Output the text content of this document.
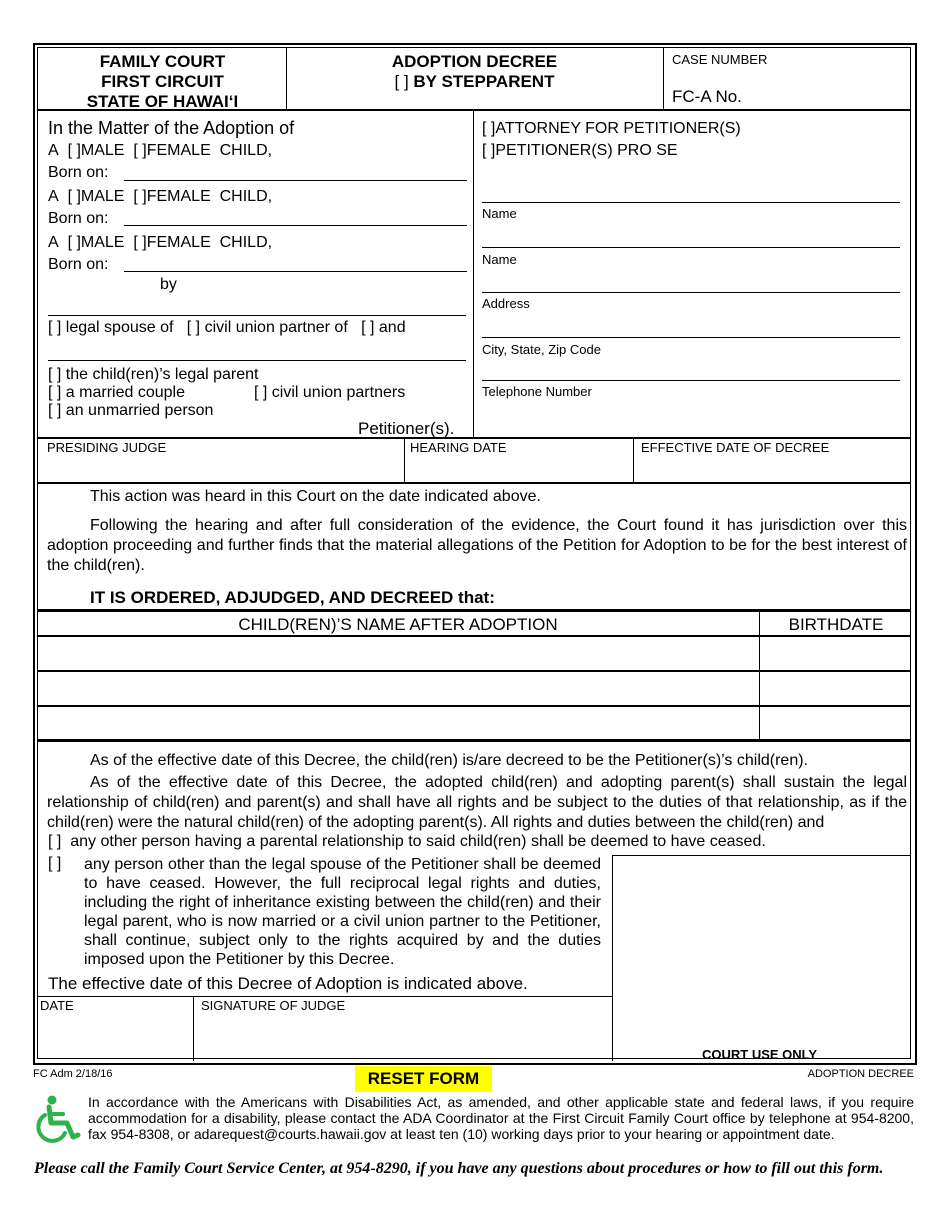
FAMILY COURT
FIRST CIRCUIT
STATE OF HAWAI‘I
ADOPTION DECREE
[ ] BY STEPPARENT
CASE NUMBER
FC-A No.
In the Matter of the Adoption of
A [ ]MALE [ ]FEMALE CHILD,
Born on:
A [ ]MALE [ ]FEMALE CHILD,
Born on:
A [ ]MALE [ ]FEMALE CHILD,
Born on:
by
[ ] legal spouse of [ ] civil union partner of [ ] and
[ ] the child(ren)’s legal parent
[ ] a married couple	[ ] civil union partners
[ ] an unmarried person
Petitioner(s).
[ ]ATTORNEY FOR PETITIONER(S)
[ ]PETITIONER(S) PRO SE
Name
Name
Address
City, State, Zip Code
Telephone Number
PRESIDING JUDGE	HEARING DATE	EFFECTIVE DATE OF DECREE
This action was heard in this Court on the date indicated above.
Following the hearing and after full consideration of the evidence, the Court found it has jurisdiction over this adoption proceeding and further finds that the material allegations of the Petition for Adoption to be for the best interest of the child(ren).
IT IS ORDERED, ADJUDGED, AND DECREED that:
CHILD(REN)’S NAME AFTER ADOPTION	BIRTHDATE
As of the effective date of this Decree, the child(ren) is/are decreed to be the Petitioner(s)’s child(ren).
As of the effective date of this Decree, the adopted child(ren) and adopting parent(s) shall sustain the legal relationship of child(ren) and parent(s) and shall have all rights and be subject to the duties of that relationship, as if the child(ren) were the natural child(ren) of the adopting parent(s). All rights and duties between the child(ren) and
[ ] any other person having a parental relationship to said child(ren) shall be deemed to have ceased.
[ ] any person other than the legal spouse of the Petitioner shall be deemed to have ceased. However, the full reciprocal legal rights and duties, including the right of inheritance existing between the child(ren) and their legal parent, who is now married or a civil union partner to the Petitioner, shall continue, subject only to the rights acquired by and the duties imposed upon the Petitioner by this Decree.
The effective date of this Decree of Adoption is indicated above.
COURT USE ONLY
DATE	SIGNATURE OF JUDGE
FC Adm 2/18/16	RESET FORM	ADOPTION DECREE
In accordance with the Americans with Disabilities Act, as amended, and other applicable state and federal laws, if you require accommodation for a disability, please contact the ADA Coordinator at the First Circuit Family Court office by telephone at 954-8200, fax 954-8308, or adarequest@courts.hawaii.gov at least ten (10) working days prior to your hearing or appointment date.
Please call the Family Court Service Center, at 954-8290, if you have any questions about procedures or how to fill out this form.
